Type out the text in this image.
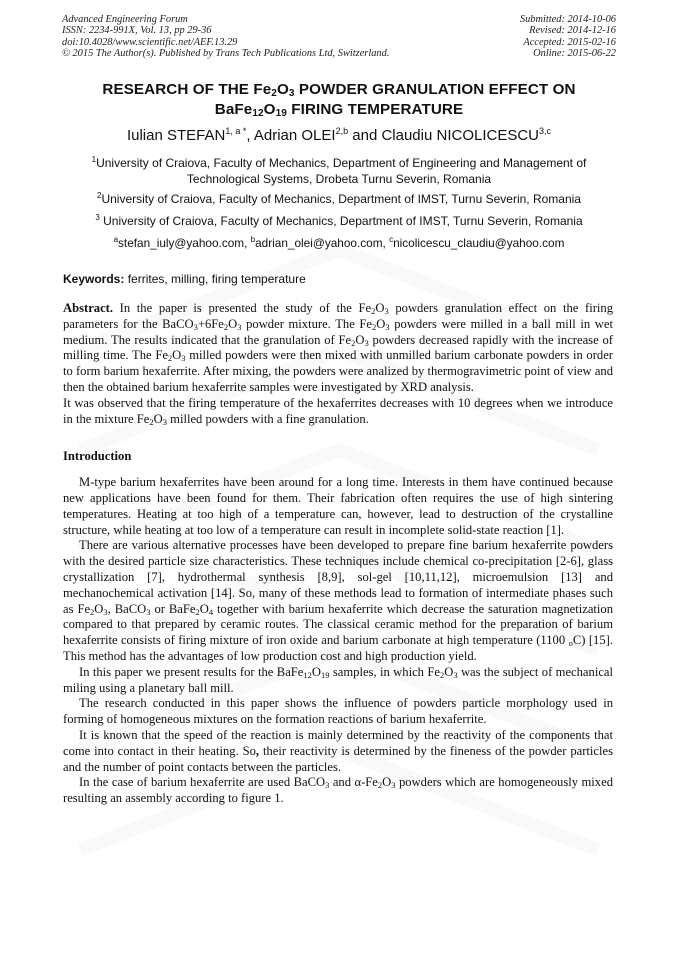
Advanced Engineering Forum
ISSN: 2234-991X, Vol. 13, pp 29-36
doi:10.4028/www.scientific.net/AEF.13.29
© 2015 The Author(s). Published by Trans Tech Publications Ltd, Switzerland.
Submitted: 2014-10-06
Revised: 2014-12-16
Accepted: 2015-02-16
Online: 2015-06-22
RESEARCH OF THE $Fe_2O_3$ POWDER GRANULATION EFFECT ON
$BaFe_{12}O_{19}$ FIRING TEMPERATURE
Iulian $STEFAN^{1, a *}$, Adrian OLEI$^{2,b}$ and Claudiu NICOLICESCU$^{3,c}$
$^1$University of Craiova, Faculty of Mechanics, Department of Engineering and Management of
Technological Systems, Drobeta Turnu Severin, Romania
$^2$University of Craiova, Faculty of Mechanics, Department of IMST, Turnu Severin, Romania
$^3$ University of Craiova, Faculty of Mechanics, Department of IMST, Turnu Severin, Romania
$^a$stefan_iuly@yahoo.com, $^b$adrian_olei@yahoo.com, $^c$nicolicescu_claudiu@yahoo.com
Keywords: ferrites, milling, firing temperature

Abstract. In the paper is presented the study of the $Fe_2O_3$ powders granulation effect on the firing parameters for the $BaCO_3+6Fe_2O_3$ powder mixture. The $Fe_2O_3$ powders were milled in a ball mill in wet medium. The results indicated that the granulation of $Fe_2O_3$ powders decreased rapidly with the increase of milling time. The $Fe_2O_3$ milled powders were then mixed with unmilled barium carbonate powders in order to form barium hexaferrite. After mixing, the powders were analized by thermogravimetric point of view and then the obtained barium hexaferrite samples were investigated by XRD analysis.

It was observed that the firing temperature of the hexaferrites decreases with 10 degrees when we introduce in the mixture $Fe_2O_3$ milled powders with a fine granulation.

Introduction

M-type barium hexaferrites have been around for a long time. Interests in them have continued because new applications have been found for them. Their fabrication often requires the use of high sintering temperatures. Heating at too high of a temperature can, however, lead to destruction of the crystalline structure, while heating at too low of a temperature can result in incomplete solid-state reaction [1].

There are various alternative processes have been developed to prepare fine barium hexaferrite powders with the desired particle size characteristics. These techniques include chemical co-precipitation [2-6], glass crystallization [7], hydrothermal synthesis [8,9], sol-gel [10,11,12], microemulsion [13] and mechanochemical activation [14]. So, many of these methods lead to formation of intermediate phases such as $Fe_2O_3$, BaCO$_3$ or $BaFe_2O_4$ together with barium hexaferrite which decrease the saturation magnetization compared to that prepared by ceramic routes. The classical ceramic method for the preparation of barium hexaferrite consists of firing mixture of iron oxide and barium carbonate at high temperature (1100 $_o$C) [15]. This method has the advantages of low production cost and high production yield.

In this paper we present results for the $BaFe_{12}O_{19}$ samples, in which $Fe_2O_3$ was the subject of mechanical miling using a planetary ball mill.

The research conducted in this paper shows the influence of powders particle morphology used in forming of homogeneous mixtures on the formation reactions of barium hexaferrite.

It is known that the speed of the reaction is mainly determined by the reactivity of the components that come into contact in their heating. So, their reactivity is determined by the fineness of the powder particles and the number of point contacts between the particles.

In the case of barium hexaferrite are used BaCO$_3$ and $\alpha-Fe_2O_3$ powders which are homogeneously mixed resulting an assembly according to figure 1.
